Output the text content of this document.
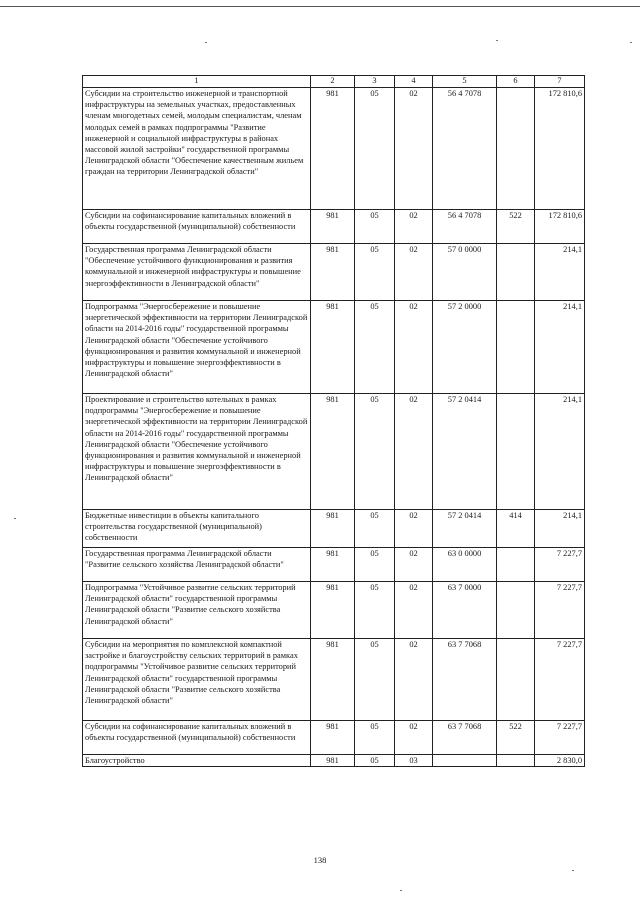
1	2	3	4	5	6	7
Субсидии на строительство инженерной и транспортной инфраструктуры на земельных участках, предоставленных членам многодетных семей, молодым специалистам, членам молодых семей в рамках подпрограммы "Развитие инженерной и социальной инфраструктуры в районах массовой жилой застройки" государственной программы Ленинградской области "Обеспечение качественным жильем граждан на территории Ленинградской области"	981	05	02	56 4 7078		172 810,6
Субсидии на софинансирование капитальных вложений в объекты государственной (муниципальной) собственности	981	05	02	56 4 7078	522	172 810,6
Государственная программа Ленинградской области "Обеспечение устойчивого функционирования и развития коммунальной и инженерной инфраструктуры и повышение энергоэффективности в Ленинградской области"	981	05	02	57 0 0000		214,1
Подпрограмма "Энергосбережение и повышение энергетической эффективности на территории Ленинградской области на 2014-2016 годы" государственной программы Ленинградской области "Обеспечение устойчивого функционирования и развития коммунальной и инженерной инфраструктуры и повышение энергоэффективности в Ленинградской области"	981	05	02	57 2 0000		214,1
Проектирование и строительство котельных в рамках подпрограммы "Энергосбережение и повышение энергетической эффективности на территории Ленинградской области на 2014-2016 годы" государственной программы Ленинградской области "Обеспечение устойчивого функционирования и развития коммунальной и инженерной инфраструктуры и повышение энергоэффективности в Ленинградской области"	981	05	02	57 2 0414		214,1
Бюджетные инвестиции в объекты капитального строительства государственной (муниципальной) собственности	981	05	02	57 2 0414	414	214,1
Государственная программа Ленинградской области "Развитие сельского хозяйства Ленинградской области"	981	05	02	63 0 0000		7 227,7
Подпрограмма "Устойчивое развитие сельских территорий Ленинградской области" государственной программы Ленинградской области "Развитие сельского хозяйства Ленинградской области"	981	05	02	63 7 0000		7 227,7
Субсидии на мероприятия по комплексной компактной застройке и благоустройству сельских территорий в рамках подпрограммы "Устойчивое развитие сельских территорий Ленинградской области" государственной программы Ленинградской области "Развитие сельского хозяйства Ленинградской области"	981	05	02	63 7 7068		7 227,7
Субсидии на софинансирование капитальных вложений в объекты государственной (муниципальной) собственности	981	05	02	63 7 7068	522	7 227,7
Благоустройство	981	05	03			2 830,0
138
